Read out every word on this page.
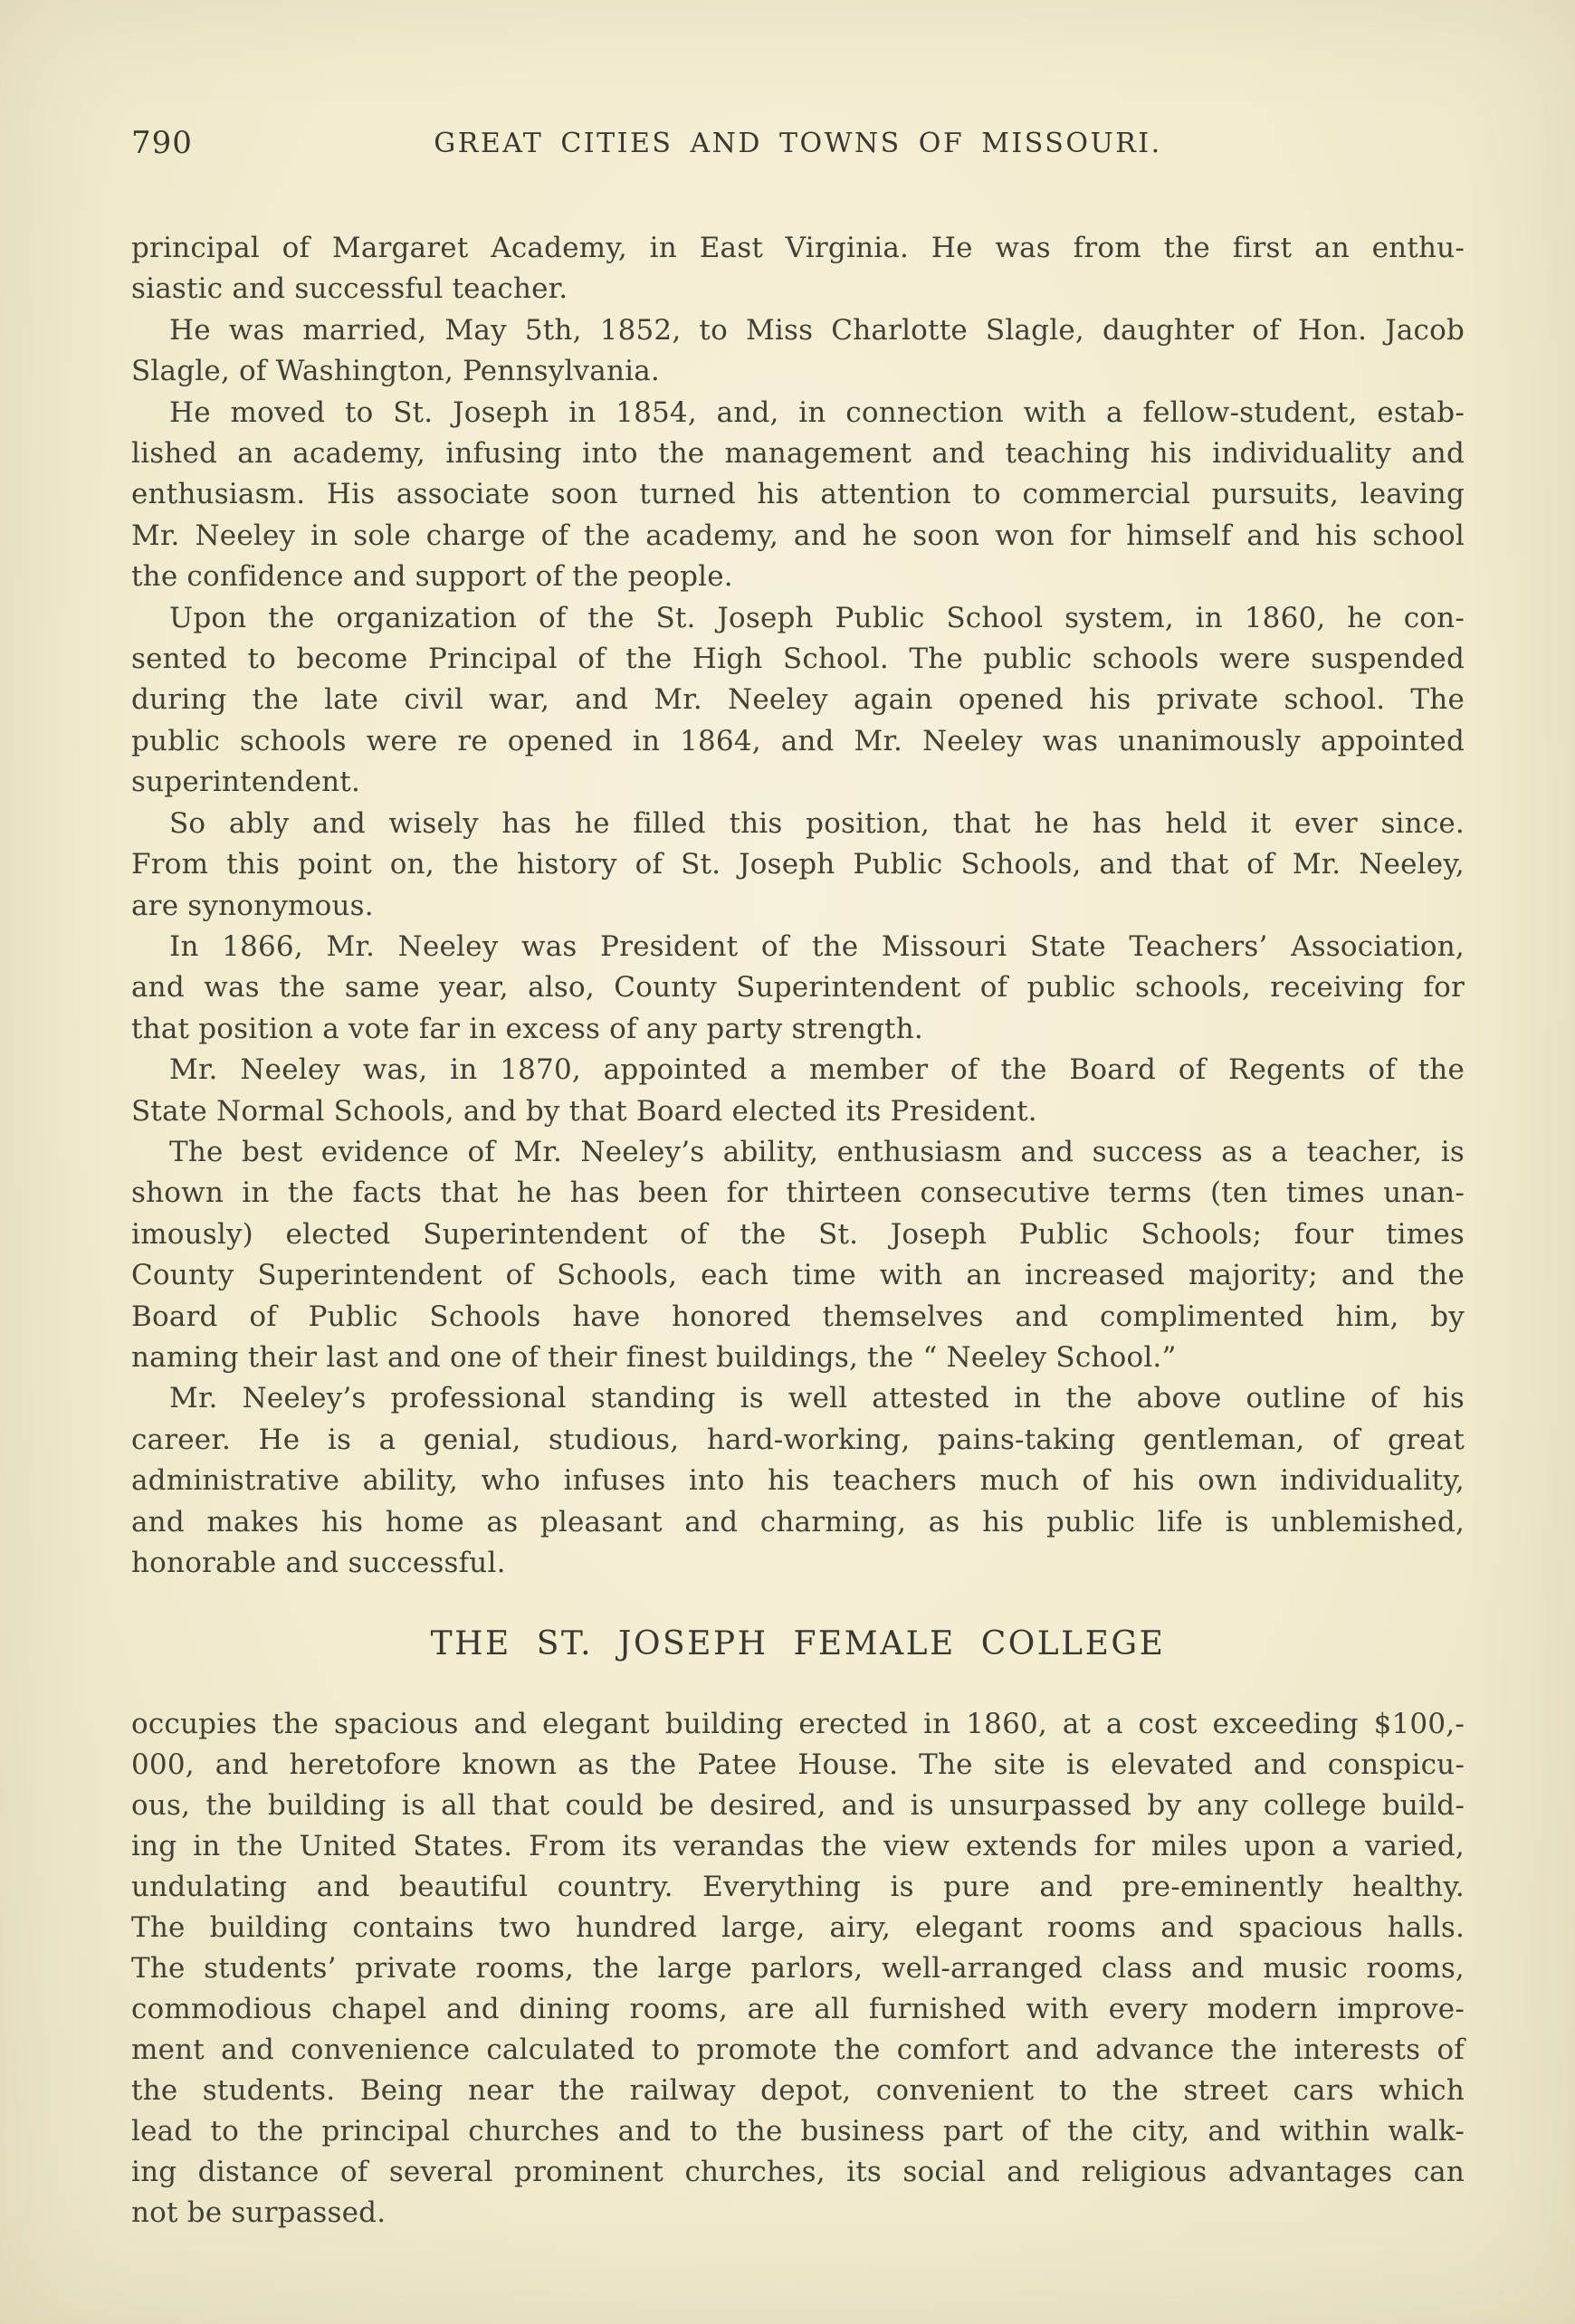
790	GREAT CITIES AND TOWNS OF MISSOURI.
principal of Margaret Academy, in East Virginia. He was from the first an enthu-
siastic and successful teacher.
He was married, May 5th, 1852, to Miss Charlotte Slagle, daughter of Hon. Jacob
Slagle, of Washington, Pennsylvania.
He moved to St. Joseph in 1854, and, in connection with a fellow-student, estab-
lished an academy, infusing into the management and teaching his individuality and
enthusiasm. His associate soon turned his attention to commercial pursuits, leaving
Mr. Neeley in sole charge of the academy, and he soon won for himself and his school
the confidence and support of the people.
Upon the organization of the St. Joseph Public School system, in 1860, he con-
sented to become Principal of the High School. The public schools were suspended
during the late civil war, and Mr. Neeley again opened his private school. The
public schools were re opened in 1864, and Mr. Neeley was unanimously appointed
superintendent.
So ably and wisely has he filled this position, that he has held it ever since.
From this point on, the history of St. Joseph Public Schools, and that of Mr. Neeley,
are synonymous.
In 1866, Mr. Neeley was President of the Missouri State Teachers’ Association,
and was the same year, also, County Superintendent of public schools, receiving for
that position a vote far in excess of any party strength.
Mr. Neeley was, in 1870, appointed a member of the Board of Regents of the
State Normal Schools, and by that Board elected its President.
The best evidence of Mr. Neeley’s ability, enthusiasm and success as a teacher, is
shown in the facts that he has been for thirteen consecutive terms (ten times unan-
imously) elected Superintendent of the St. Joseph Public Schools; four times
County Superintendent of Schools, each time with an increased majority; and the
Board of Public Schools have honored themselves and complimented him, by
naming their last and one of their finest buildings, the “ Neeley School.”
Mr. Neeley’s professional standing is well attested in the above outline of his
career. He is a genial, studious, hard-working, pains-taking gentleman, of great
administrative ability, who infuses into his teachers much of his own individuality,
and makes his home as pleasant and charming, as his public life is unblemished,
honorable and successful.
THE ST. JOSEPH FEMALE COLLEGE
occupies the spacious and elegant building erected in 1860, at a cost exceeding $100,-
000, and heretofore known as the Patee House. The site is elevated and conspicu-
ous, the building is all that could be desired, and is unsurpassed by any college build-
ing in the United States. From its verandas the view extends for miles upon a varied,
undulating and beautiful country. Everything is pure and pre-eminently healthy.
The building contains two hundred large, airy, elegant rooms and spacious halls.
The students’ private rooms, the large parlors, well-arranged class and music rooms,
commodious chapel and dining rooms, are all furnished with every modern improve-
ment and convenience calculated to promote the comfort and advance the interests of
the students. Being near the railway depot, convenient to the street cars which
lead to the principal churches and to the business part of the city, and within walk-
ing distance of several prominent churches, its social and religious advantages can
not be surpassed.
